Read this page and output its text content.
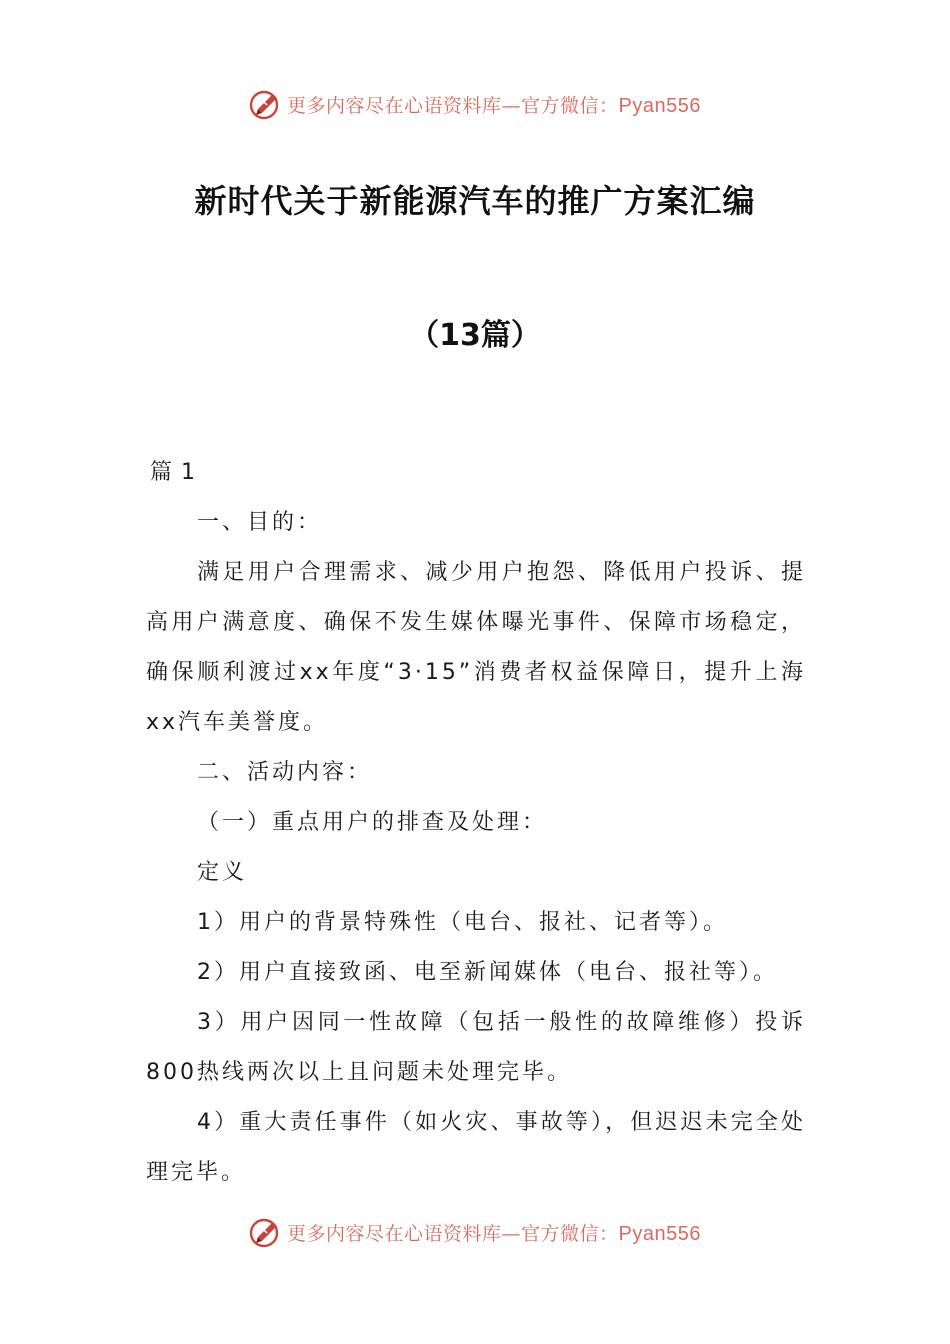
更多内容尽在心语资料库—官方微信：Pyan556
新时代关于新能源汽车的推广方案汇编
（13篇）

篇 1

一、目的：

满足用户合理需求、减少用户抱怨、降低用户投诉、提高用户满意度、确保不发生媒体曝光事件、保障市场稳定，确保顺利渡过xx年度“3·15”消费者权益保障日，提升上海xx汽车美誉度。

二、活动内容：

（一）重点用户的排查及处理：

定义

1）用户的背景特殊性（电台、报社、记者等）。

2）用户直接致函、电至新闻媒体（电台、报社等）。

3）用户因同一性故障（包括一般性的故障维修）投诉800热线两次以上且问题未处理完毕。

4）重大责任事件（如火灾、事故等），但迟迟未完全处理完毕。

更多内容尽在心语资料库—官方微信：Pyan556
